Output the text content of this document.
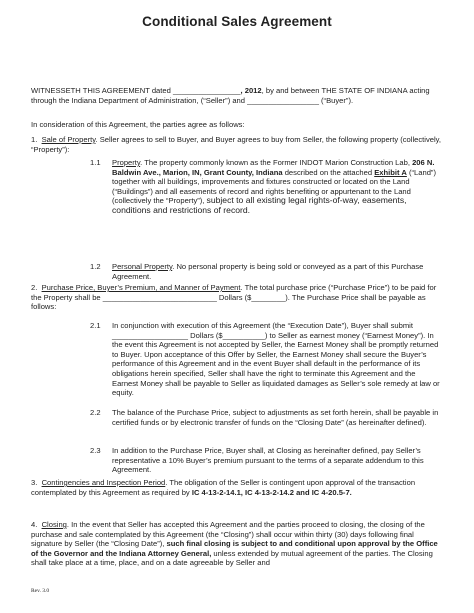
Conditional Sales Agreement
WITNESSETH THIS AGREEMENT dated ________________, 2012, by and between THE STATE OF INDIANA acting through the Indiana Department of Administration, (“Seller”) and _________________ (“Buyer”).
In consideration of this Agreement, the parties agree as follows:
1. Sale of Property. Seller agrees to sell to Buyer, and Buyer agrees to buy from Seller, the following property (collectively, “Property”):
1.1 Property. The property commonly known as the Former INDOT Marion Construction Lab, 206 N. Baldwin Ave., Marion, IN, Grant County, Indiana described on the attached Exhibit A (“Land”) together with all buildings, improvements and fixtures constructed or located on the Land (“Buildings”) and all easements of record and rights benefiting or appurtenant to the Land (collectively the “Property”), subject to all existing legal rights-of-way, easements, conditions and restrictions of record.
1.2 Personal Property. No personal property is being sold or conveyed as a part of this Purchase Agreement.
2. Purchase Price, Buyer’s Premium, and Manner of Payment. The total purchase price (“Purchase Price”) to be paid for the Property shall be ___________________________ Dollars ($________). The Purchase Price shall be payable as follows:
2.1 In conjunction with execution of this Agreement (the “Execution Date”), Buyer shall submit __________________ Dollars ($__________) to Seller as earnest money (“Earnest Money”). In the event this Agreement is not accepted by Seller, the Earnest Money shall be promptly returned to Buyer. Upon acceptance of this Offer by Seller, the Earnest Money shall secure the Buyer’s performance of this Agreement and in the event Buyer shall default in the performance of its obligations herein specified, Seller shall have the right to terminate this Agreement and the Earnest Money shall be payable to Seller as liquidated damages as Seller’s sole remedy at law or equity.
2.2 The balance of the Purchase Price, subject to adjustments as set forth herein, shall be payable in certified funds or by electronic transfer of funds on the “Closing Date” (as hereinafter defined).
2.3 In addition to the Purchase Price, Buyer shall, at Closing as hereinafter defined, pay Seller’s representative a 10% Buyer’s premium pursuant to the terms of a separate addendum to this Agreement.
3. Contingencies and Inspection Period. The obligation of the Seller is contingent upon approval of the transaction contemplated by this Agreement as required by IC 4-13-2-14.1, IC 4-13-2-14.2 and IC 4-20.5-7.
4. Closing. In the event that Seller has accepted this Agreement and the parties proceed to closing, the closing of the purchase and sale contemplated by this Agreement (the “Closing”) shall occur within thirty (30) days following final signature by Seller (the “Closing Date”), such final closing is subject to and conditional upon approval by the Office of the Governor and the Indiana Attorney General, unless extended by mutual agreement of the parties. The Closing shall take place at a time, place, and on a date agreeable by Seller and
Rev. 3.0
